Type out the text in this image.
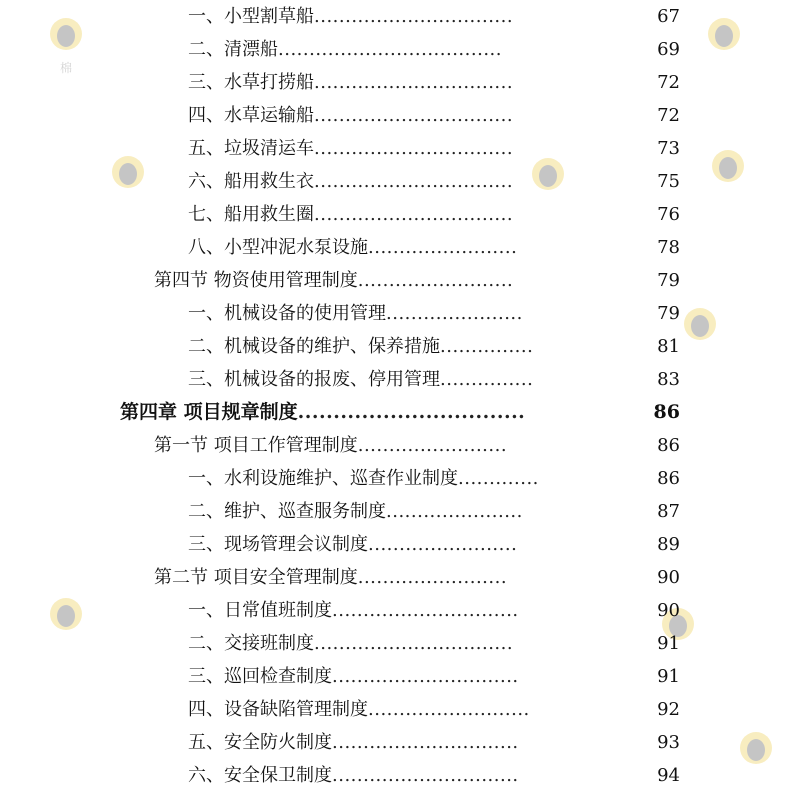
棉
一、小型割草船................................	67
二、清漂船....................................	69
三、水草打捞船................................	72
四、水草运输船................................	72
五、垃圾清运车................................	73
六、船用救生衣................................	75
七、船用救生圈................................	76
八、小型冲泥水泵设施........................	78
第四节 物资使用管理制度.........................	79
一、机械设备的使用管理......................	79
二、机械设备的维护、保养措施...............	81
三、机械设备的报废、停用管理...............	83
第四章 项目规章制度................................	86
第一节 项目工作管理制度........................	86
一、水利设施维护、巡查作业制度.............	86
二、维护、巡查服务制度......................	87
三、现场管理会议制度........................	89
第二节 项目安全管理制度........................	90
一、日常值班制度..............................	90
二、交接班制度................................	91
三、巡回检查制度..............................	91
四、设备缺陷管理制度..........................	92
五、安全防火制度..............................	93
六、安全保卫制度..............................	94
